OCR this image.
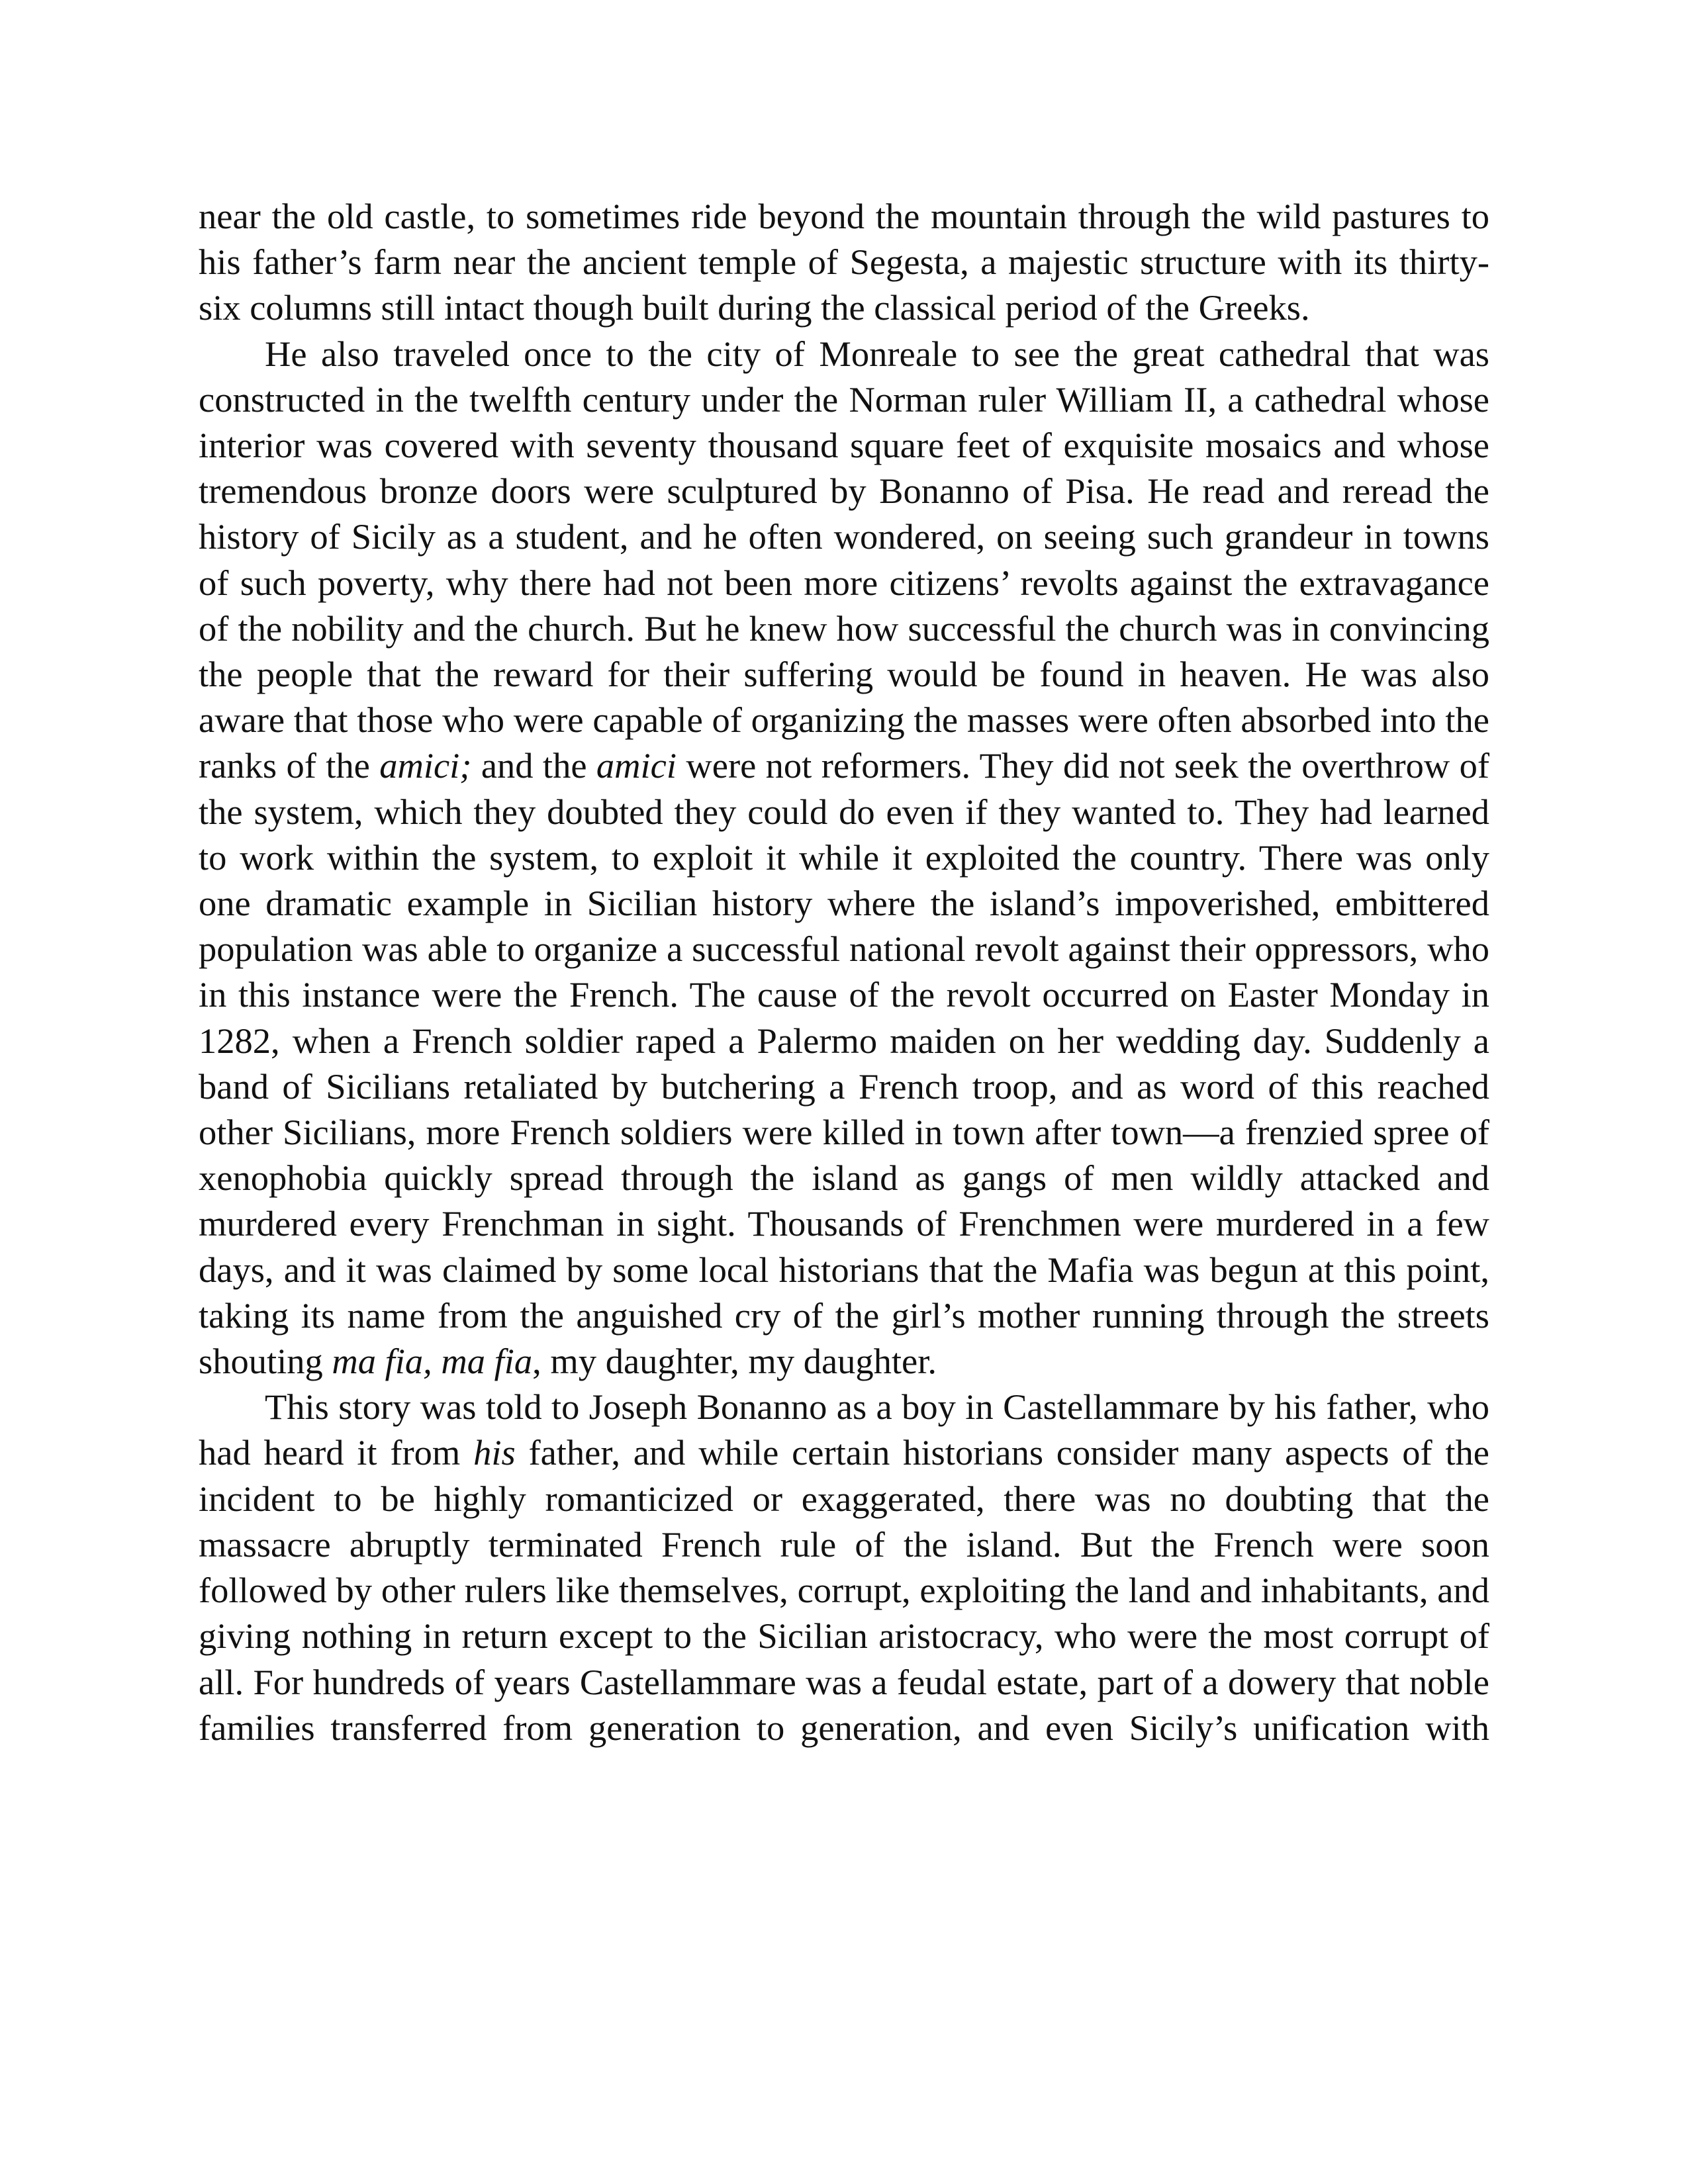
near the old castle, to sometimes ride beyond the mountain through the wild pastures to his father’s farm near the ancient temple of Segesta, a majestic structure with its thirty-six columns still intact though built during the classical period of the Greeks.

He also traveled once to the city of Monreale to see the great cathedral that was constructed in the twelfth century under the Norman ruler William II, a cathedral whose interior was covered with seventy thousand square feet of exquisite mosaics and whose tremendous bronze doors were sculptured by Bonanno of Pisa. He read and reread the history of Sicily as a student, and he often wondered, on seeing such grandeur in towns of such poverty, why there had not been more citizens’ revolts against the extravagance of the nobility and the church. But he knew how successful the church was in convincing the people that the reward for their suffering would be found in heaven. He was also aware that those who were capable of organizing the masses were often absorbed into the ranks of the amici; and the amici were not reformers. They did not seek the overthrow of the system, which they doubted they could do even if they wanted to. They had learned to work within the system, to exploit it while it exploited the country. There was only one dramatic example in Sicilian history where the island’s impoverished, embittered population was able to organize a successful national revolt against their oppressors, who in this instance were the French. The cause of the revolt occurred on Easter Monday in 1282, when a French soldier raped a Palermo maiden on her wedding day. Suddenly a band of Sicilians retaliated by butchering a French troop, and as word of this reached other Sicilians, more French soldiers were killed in town after town—a frenzied spree of xenophobia quickly spread through the island as gangs of men wildly attacked and murdered every Frenchman in sight. Thousands of Frenchmen were murdered in a few days, and it was claimed by some local historians that the Mafia was begun at this point, taking its name from the anguished cry of the girl’s mother running through the streets shouting ma fia, ma fia, my daughter, my daughter.

This story was told to Joseph Bonanno as a boy in Castellammare by his father, who had heard it from his father, and while certain historians consider many aspects of the incident to be highly romanticized or exaggerated, there was no doubting that the massacre abruptly terminated French rule of the island. But the French were soon followed by other rulers like themselves, corrupt, exploiting the land and inhabitants, and giving nothing in return except to the Sicilian aristocracy, who were the most corrupt of all. For hundreds of years Castellammare was a feudal estate, part of a dowery that noble families transferred from generation to generation, and even Sicily’s unification with
